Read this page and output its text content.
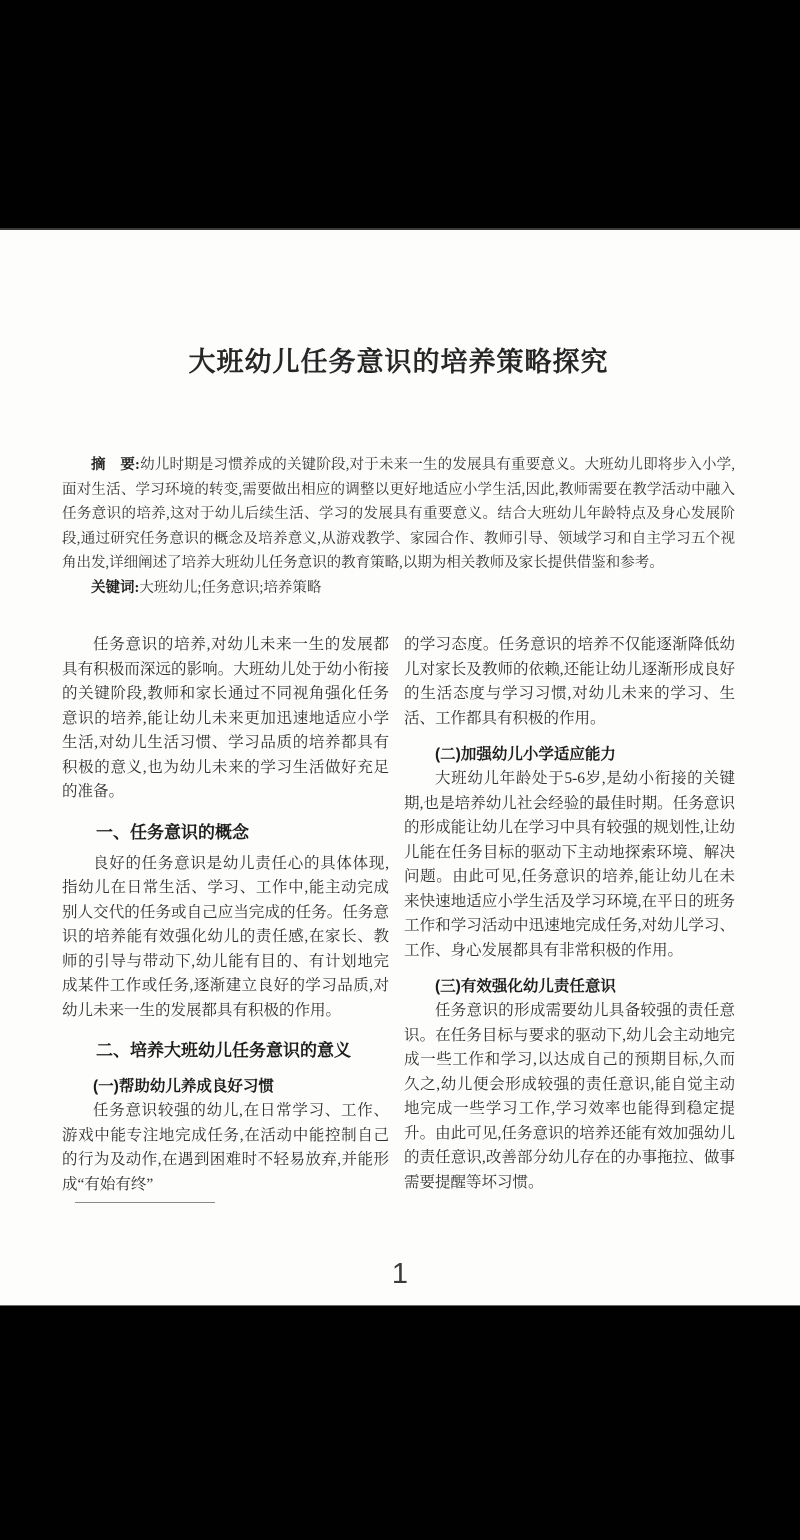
大班幼儿任务意识的培养策略探究

摘　要:幼儿时期是习惯养成的关键阶段,对于未来一生的发展具有重要意义。大班幼儿即将步入小学,面对生活、学习环境的转变,需要做出相应的调整以更好地适应小学生活,因此,教师需要在教学活动中融入任务意识的培养,这对于幼儿后续生活、学习的发展具有重要意义。结合大班幼儿年龄特点及身心发展阶段,通过研究任务意识的概念及培养意义,从游戏教学、家园合作、教师引导、领域学习和自主学习五个视角出发,详细阐述了培养大班幼儿任务意识的教育策略,以期为相关教师及家长提供借鉴和参考。

关键词:大班幼儿;任务意识;培养策略

任务意识的培养,对幼儿未来一生的发展都具有积极而深远的影响。大班幼儿处于幼小衔接的关键阶段,教师和家长通过不同视角强化任务意识的培养,能让幼儿未来更加迅速地适应小学生活,对幼儿生活习惯、学习品质的培养都具有积极的意义,也为幼儿未来的学习生活做好充足的准备。

一、任务意识的概念

良好的任务意识是幼儿责任心的具体体现,指幼儿在日常生活、学习、工作中,能主动完成别人交代的任务或自己应当完成的任务。任务意识的培养能有效强化幼儿的责任感,在家长、教师的引导与带动下,幼儿能有目的、有计划地完成某件工作或任务,逐渐建立良好的学习品质,对幼儿未来一生的发展都具有积极的作用。

二、培养大班幼儿任务意识的意义
(一)帮助幼儿养成良好习惯

任务意识较强的幼儿,在日常学习、工作、游戏中能专注地完成任务,在活动中能控制自己的行为及动作,在遇到困难时不轻易放弃,并能形成“有始有终”

的学习态度。任务意识的培养不仅能逐渐降低幼儿对家长及教师的依赖,还能让幼儿逐渐形成良好的生活态度与学习习惯,对幼儿未来的学习、生活、工作都具有积极的作用。

(二)加强幼儿小学适应能力

大班幼儿年龄处于5-6岁,是幼小衔接的关键期,也是培养幼儿社会经验的最佳时期。任务意识的形成能让幼儿在学习中具有较强的规划性,让幼儿能在任务目标的驱动下主动地探索环境、解决问题。由此可见,任务意识的培养,能让幼儿在未来快速地适应小学生活及学习环境,在平日的班务工作和学习活动中迅速地完成任务,对幼儿学习、工作、身心发展都具有非常积极的作用。

(三)有效强化幼儿责任意识

任务意识的形成需要幼儿具备较强的责任意识。在任务目标与要求的驱动下,幼儿会主动地完成一些工作和学习,以达成自己的预期目标,久而久之,幼儿便会形成较强的责任意识,能自觉主动地完成一些学习工作,学习效率也能得到稳定提升。由此可见,任务意识的培养还能有效加强幼儿的责任意识,改善部分幼儿存在的办事拖拉、做事需要提醒等坏习惯。

1
